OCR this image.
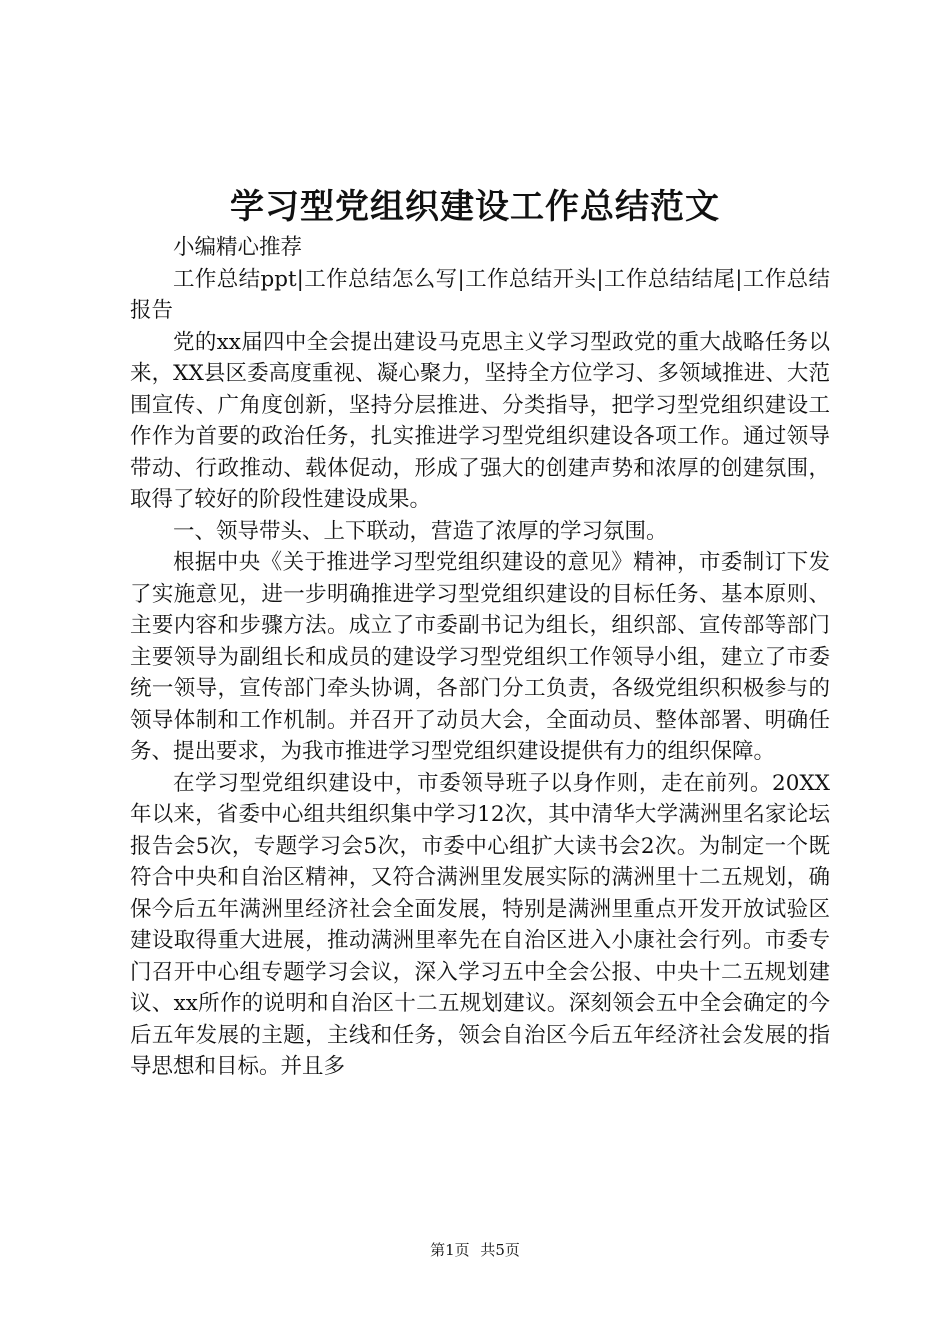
学习型党组织建设工作总结范文

小编精心推荐

工作总结ppt|工作总结怎么写|工作总结开头|工作总结结尾|工作总结报告

党的xx届四中全会提出建设马克思主义学习型政党的重大战略任务以来，XX县区委高度重视、凝心聚力，坚持全方位学习、多领域推进、大范围宣传、广角度创新，坚持分层推进、分类指导，把学习型党组织建设工作作为首要的政治任务，扎实推进学习型党组织建设各项工作。通过领导带动、行政推动、载体促动，形成了强大的创建声势和浓厚的创建氛围，取得了较好的阶段性建设成果。

一、领导带头、上下联动，营造了浓厚的学习氛围。

根据中央《关于推进学习型党组织建设的意见》精神，市委制订下发了实施意见，进一步明确推进学习型党组织建设的目标任务、基本原则、主要内容和步骤方法。成立了市委副书记为组长，组织部、宣传部等部门主要领导为副组长和成员的建设学习型党组织工作领导小组，建立了市委统一领导，宣传部门牵头协调，各部门分工负责，各级党组织积极参与的领导体制和工作机制。并召开了动员大会，全面动员、整体部署、明确任务、提出要求，为我市推进学习型党组织建设提供有力的组织保障。

在学习型党组织建设中，市委领导班子以身作则，走在前列。20XX年以来，省委中心组共组织集中学习12次，其中清华大学满洲里名家论坛报告会5次，专题学习会5次，市委中心组扩大读书会2次。为制定一个既符合中央和自治区精神，又符合满洲里发展实际的满洲里十二五规划，确保今后五年满洲里经济社会全面发展，特别是满洲里重点开发开放试验区建设取得重大进展，推动满洲里率先在自治区进入小康社会行列。市委专门召开中心组专题学习会议，深入学习五中全会公报、中央十二五规划建议、xx所作的说明和自治区十二五规划建议。深刻领会五中全会确定的今后五年发展的主题，主线和任务，领会自治区今后五年经济社会发展的指导思想和目标。并且多

第1页 共5页
